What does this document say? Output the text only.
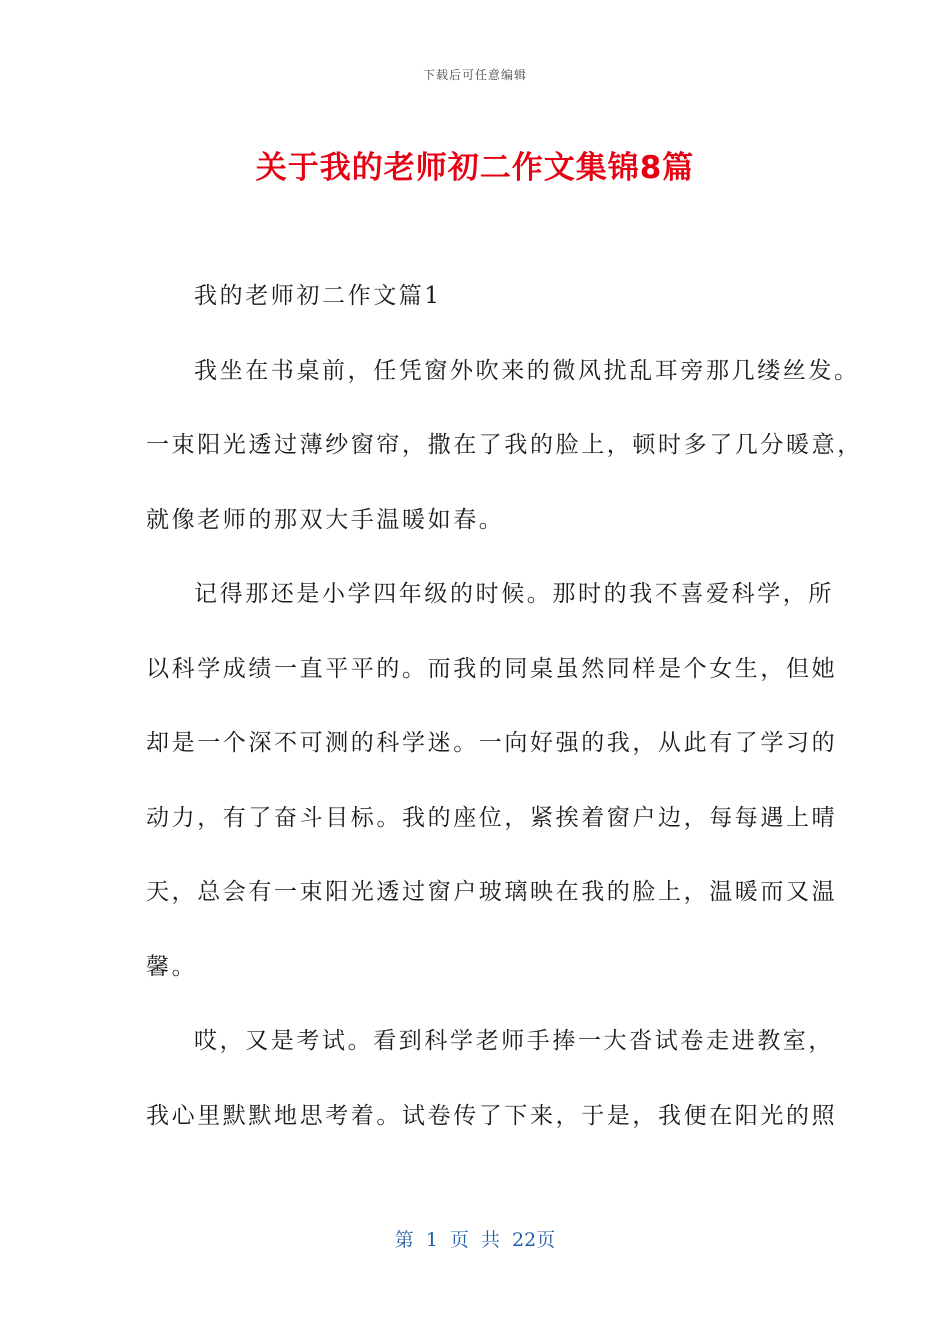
下载后可任意编辑
关于我的老师初二作文集锦8篇
我的老师初二作文篇1
我坐在书桌前，任凭窗外吹来的微风扰乱耳旁那几缕丝发。
一束阳光透过薄纱窗帘，撒在了我的脸上，顿时多了几分暖意，
就像老师的那双大手温暖如春。
记得那还是小学四年级的时候。那时的我不喜爱科学，所
以科学成绩一直平平的。而我的同桌虽然同样是个女生，但她
却是一个深不可测的科学迷。一向好强的我，从此有了学习的
动力，有了奋斗目标。我的座位，紧挨着窗户边，每每遇上晴
天，总会有一束阳光透过窗户玻璃映在我的脸上，温暖而又温
馨。
哎，又是考试。看到科学老师手捧一大沓试卷走进教室，
我心里默默地思考着。试卷传了下来，于是，我便在阳光的照
第 1 页 共 22页
